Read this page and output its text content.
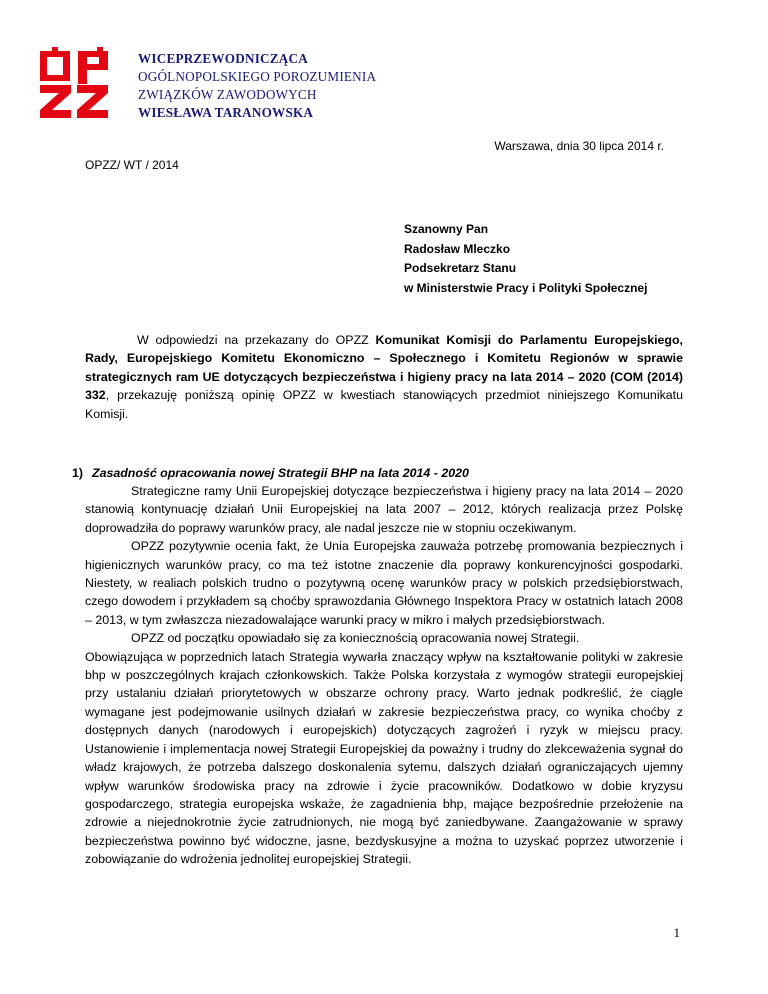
WICEPRZEWODNICZĄCA
OGÓLNOPOLSKIEGO POROZUMIENIA
ZWIĄZKÓW ZAWODOWYCH
WIESŁAWA TARANOWSKA
Warszawa, dnia 30 lipca 2014 r.
OPZZ/ WT / 2014
Szanowny Pan
Radosław Mleczko
Podsekretarz Stanu
w Ministerstwie Pracy i Polityki Społecznej
W odpowiedzi na przekazany do OPZZ Komunikat Komisji do Parlamentu Europejskiego, Rady, Europejskiego Komitetu Ekonomiczno – Społecznego i Komitetu Regionów w sprawie strategicznych ram UE dotyczących bezpieczeństwa i higieny pracy na lata 2014 – 2020 (COM (2014) 332, przekazuję poniższą opinię OPZZ w kwestiach stanowiących przedmiot niniejszego Komunikatu Komisji.
1) Zasadność opracowania nowej Strategii BHP na lata 2014 - 2020
Strategiczne ramy Unii Europejskiej dotyczące bezpieczeństwa i higieny pracy na lata 2014 – 2020 stanowią kontynuację działań Unii Europejskiej na lata 2007 – 2012, których realizacja przez Polskę doprowadziła do poprawy warunków pracy, ale nadal jeszcze nie w stopniu oczekiwanym.
OPZZ pozytywnie ocenia fakt, że Unia Europejska zauważa potrzebę promowania bezpiecznych i higienicznych warunków pracy, co ma też istotne znaczenie dla poprawy konkurencyjności gospodarki. Niestety, w realiach polskich trudno o pozytywną ocenę warunków pracy w polskich przedsiębiorstwach, czego dowodem i przykładem są choćby sprawozdania Głównego Inspektora Pracy w ostatnich latach 2008 – 2013, w tym zwłaszcza niezadowalające warunki pracy w mikro i małych przedsiębiorstwach.
OPZZ od początku opowiadało się za koniecznością opracowania nowej Strategii.
Obowiązująca w poprzednich latach Strategia wywarła znaczący wpływ na kształtowanie polityki w zakresie bhp w poszczególnych krajach członkowskich. Także Polska korzystała z wymogów strategii europejskiej przy ustalaniu działań priorytetowych w obszarze ochrony pracy. Warto jednak podkreślić, że ciągle wymagane jest podejmowanie usilnych działań w zakresie bezpieczeństwa pracy, co wynika choćby z dostępnych danych (narodowych i europejskich) dotyczących zagrożeń i ryzyk w miejscu pracy. Ustanowienie i implementacja nowej Strategii Europejskiej da poważny i trudny do zlekceważenia sygnał do władz krajowych, że potrzeba dalszego doskonalenia sytemu, dalszych działań ograniczających ujemny wpływ warunków środowiska pracy na zdrowie i życie pracowników. Dodatkowo w dobie kryzysu gospodarczego, strategia europejska wskaże, że zagadnienia bhp, mające bezpośrednie przełożenie na zdrowie a niejednokrotnie życie zatrudnionych, nie mogą być zaniedbywane. Zaangażowanie w sprawy bezpieczeństwa powinno być widoczne, jasne, bezdyskusyjne a można to uzyskać poprzez utworzenie i zobowiązanie do wdrożenia jednolitej europejskiej Strategii.
1
